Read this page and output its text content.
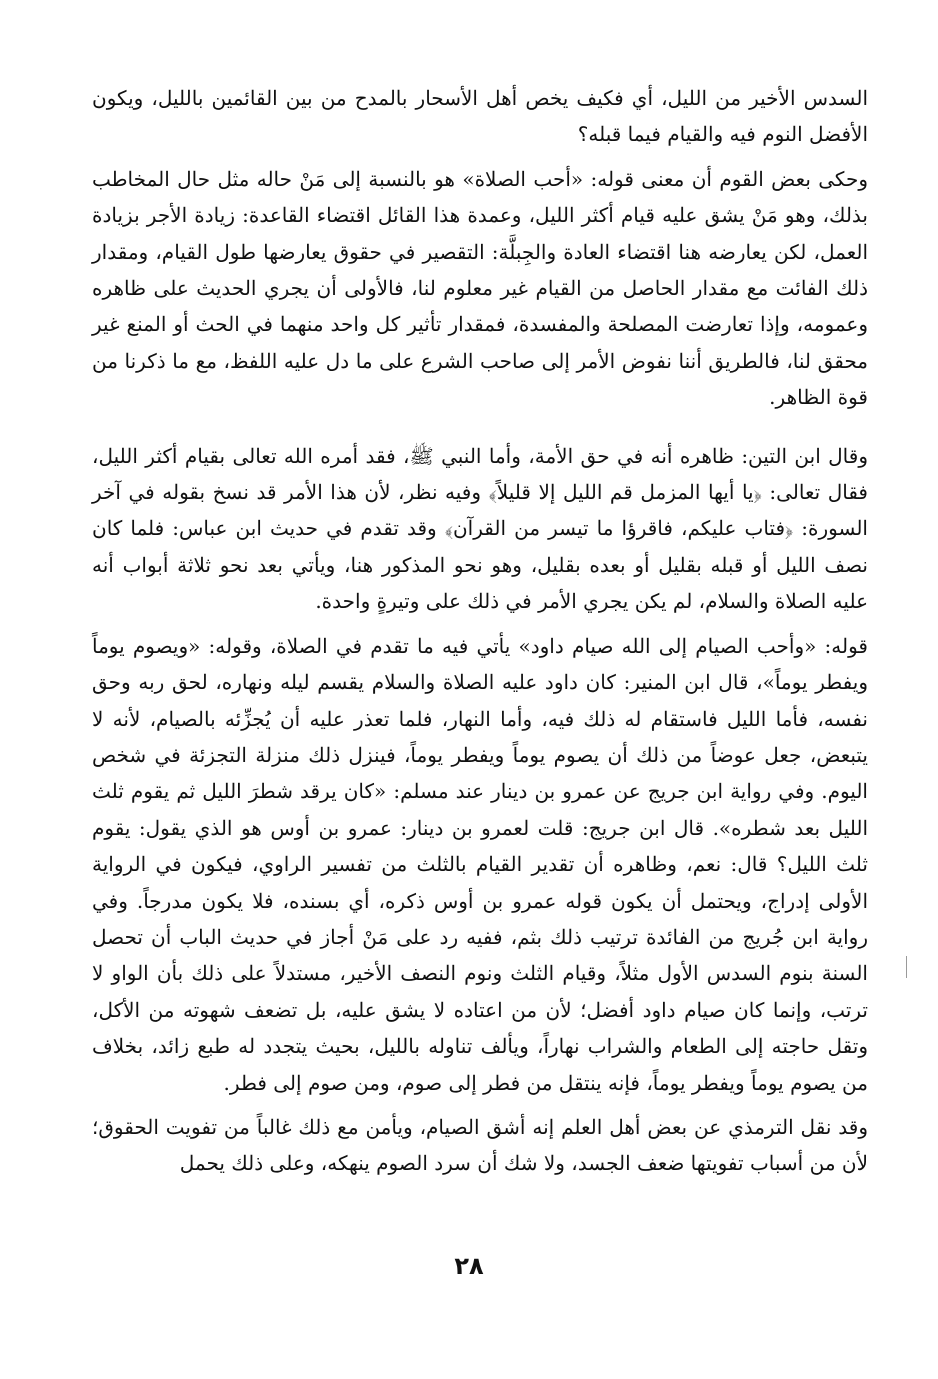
السدس الأخير من الليل، أي فكيف يخص أهل الأسحار بالمدح من بين القائمين بالليل، ويكون الأفضل النوم فيه والقيام فيما قبله؟

وحكى بعض القوم أن معنى قوله: «أحب الصلاة» هو بالنسبة إلى مَنْ حاله مثل حال المخاطب بذلك، وهو مَنْ يشق عليه قيام أكثر الليل، وعمدة هذا القائل اقتضاء القاعدة: زيادة الأجر بزيادة العمل، لكن يعارضه هنا اقتضاء العادة والجِبلَّة: التقصير في حقوق يعارضها طول القيام، ومقدار ذلك الفائت مع مقدار الحاصل من القيام غير معلوم لنا، فالأولى أن يجري الحديث على ظاهره وعمومه، وإذا تعارضت المصلحة والمفسدة، فمقدار تأثير كل واحد منهما في الحث أو المنع غير محقق لنا، فالطريق أننا نفوض الأمر إلى صاحب الشرع على ما دل عليه اللفظ، مع ما ذكرنا من قوة الظاهر.

وقال ابن التين: ظاهره أنه في حق الأمة، وأما النبي ﷺ، فقد أمره الله تعالى بقيام أكثر الليل، فقال تعالى: ﴿يا أيها المزمل قم الليل إلا قليلاً﴾ وفيه نظر، لأن هذا الأمر قد نسخ بقوله في آخر السورة: ﴿فتاب عليكم، فاقرؤا ما تيسر من القرآن﴾ وقد تقدم في حديث ابن عباس: فلما كان نصف الليل أو قبله بقليل أو بعده بقليل، وهو نحو المذكور هنا، ويأتي بعد نحو ثلاثة أبواب أنه عليه الصلاة والسلام، لم يكن يجري الأمر في ذلك على وتيرةٍ واحدة.

قوله: «وأحب الصيام إلى الله صيام داود» يأتي فيه ما تقدم في الصلاة، وقوله: «ويصوم يوماً ويفطر يوماً»، قال ابن المنير: كان داود عليه الصلاة والسلام يقسم ليله ونهاره، لحق ربه وحق نفسه، فأما الليل فاستقام له ذلك فيه، وأما النهار، فلما تعذر عليه أن يُجزِّئه بالصيام، لأنه لا يتبعض، جعل عوضاً من ذلك أن يصوم يوماً ويفطر يوماً، فينزل ذلك منزلة التجزئة في شخص اليوم. وفي رواية ابن جريج عن عمرو بن دينار عند مسلم: «كان يرقد شطرَ الليل ثم يقوم ثلث الليل بعد شطره». قال ابن جريج: قلت لعمرو بن دينار: عمرو بن أوس هو الذي يقول: يقوم ثلث الليل؟ قال: نعم، وظاهره أن تقدير القيام بالثلث من تفسير الراوي، فيكون في الرواية الأولى إدراج، ويحتمل أن يكون قوله عمرو بن أوس ذكره، أي بسنده، فلا يكون مدرجاً. وفي رواية ابن جُريج من الفائدة ترتيب ذلك بثم، ففيه رد على مَنْ أجاز في حديث الباب أن تحصل السنة بنوم السدس الأول مثلاً، وقيام الثلث ونوم النصف الأخير، مستدلاً على ذلك بأن الواو لا ترتب، وإنما كان صيام داود أفضل؛ لأن من اعتاده لا يشق عليه، بل تضعف شهوته من الأكل، وتقل حاجته إلى الطعام والشراب نهاراً، ويألف تناوله بالليل، بحيث يتجدد له طبع زائد، بخلاف من يصوم يوماً ويفطر يوماً، فإنه ينتقل من فطر إلى صوم، ومن صوم إلى فطر.

وقد نقل الترمذي عن بعض أهل العلم إنه أشق الصيام، ويأمن مع ذلك غالباً من تفويت الحقوق؛ لأن من أسباب تفويتها ضعف الجسد، ولا شك أن سرد الصوم ينهكه، وعلى ذلك يحمل

٢٨
